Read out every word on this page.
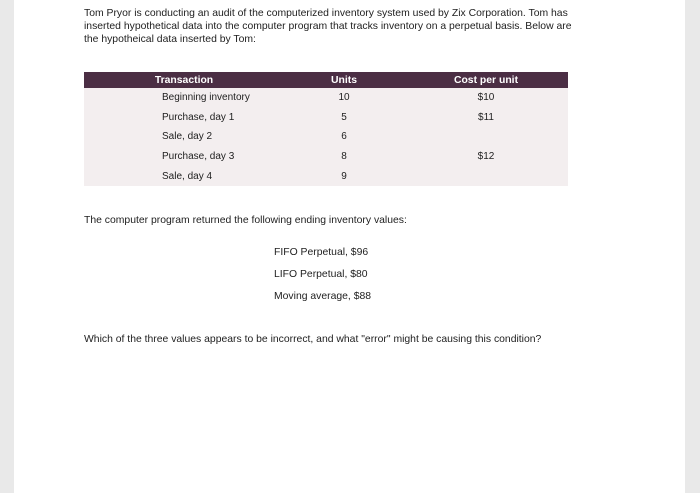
Tom Pryor is conducting an audit of the computerized inventory system used by Zix Corporation. Tom has inserted hypothetical data into the computer program that tracks inventory on a perpetual basis. Below are the hypotheical data inserted by Tom:

Transaction	Units	Cost per unit
Beginning inventory	10	$10
Purchase, day 1	5	$11
Sale, day 2	6	
Purchase, day 3	8	$12
Sale, day 4	9	

The computer program returned the following ending inventory values:

FIFO Perpetual, $96
LIFO Perpetual, $80
Moving average, $88

Which of the three values appears to be incorrect, and what "error" might be causing this condition?
